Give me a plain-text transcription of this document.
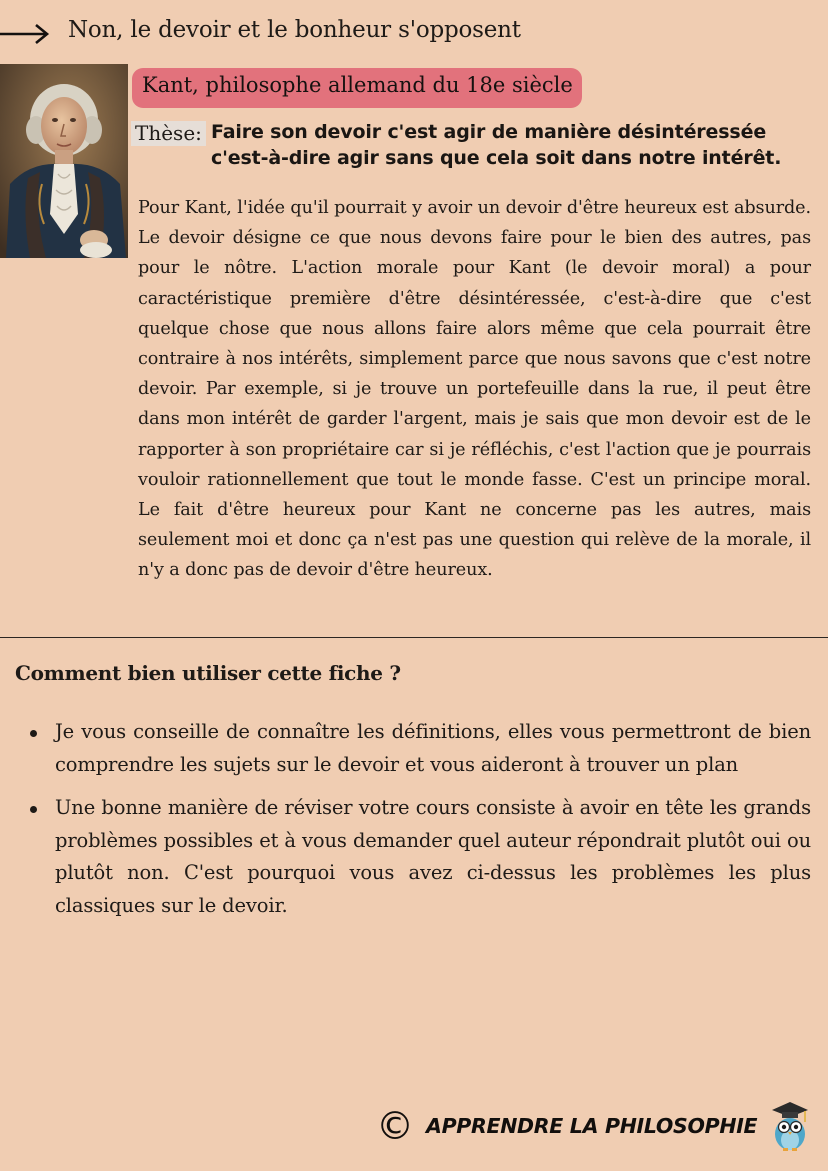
Non, le devoir et le bonheur s'opposent
Kant, philosophe allemand du 18e siècle
Thèse: Faire son devoir c'est agir de manière désintéressée
c'est-à-dire agir sans que cela soit dans notre intérêt.
Pour Kant, l'idée qu'il pourrait y avoir un devoir d'être heureux est absurde. Le devoir désigne ce que nous devons faire pour le bien des autres, pas pour le nôtre. L'action morale pour Kant (le devoir moral) a pour caractéristique première d'être désintéressée, c'est-à-dire que c'est quelque chose que nous allons faire alors même que cela pourrait être contraire à nos intérêts, simplement parce que nous savons que c'est notre devoir. Par exemple, si je trouve un portefeuille dans la rue, il peut être dans mon intérêt de garder l'argent, mais je sais que mon devoir est de le rapporter à son propriétaire car si je réfléchis, c'est l'action que je pourrais vouloir rationnellement que tout le monde fasse. C'est un principe moral. Le fait d'être heureux pour Kant ne concerne pas les autres, mais seulement moi et donc ça n'est pas une question qui relève de la morale, il n'y a donc pas de devoir d'être heureux.
Comment bien utiliser cette fiche ?
Je vous conseille de connaître les définitions, elles vous permettront de bien comprendre les sujets sur le devoir et vous aideront à trouver un plan
Une bonne manière de réviser votre cours consiste à avoir en tête les grands problèmes possibles et à vous demander quel auteur répondrait plutôt oui ou plutôt non. C'est pourquoi vous avez ci-dessus les problèmes les plus classiques sur le devoir.
© APPRENDRE LA PHILOSOPHIE
